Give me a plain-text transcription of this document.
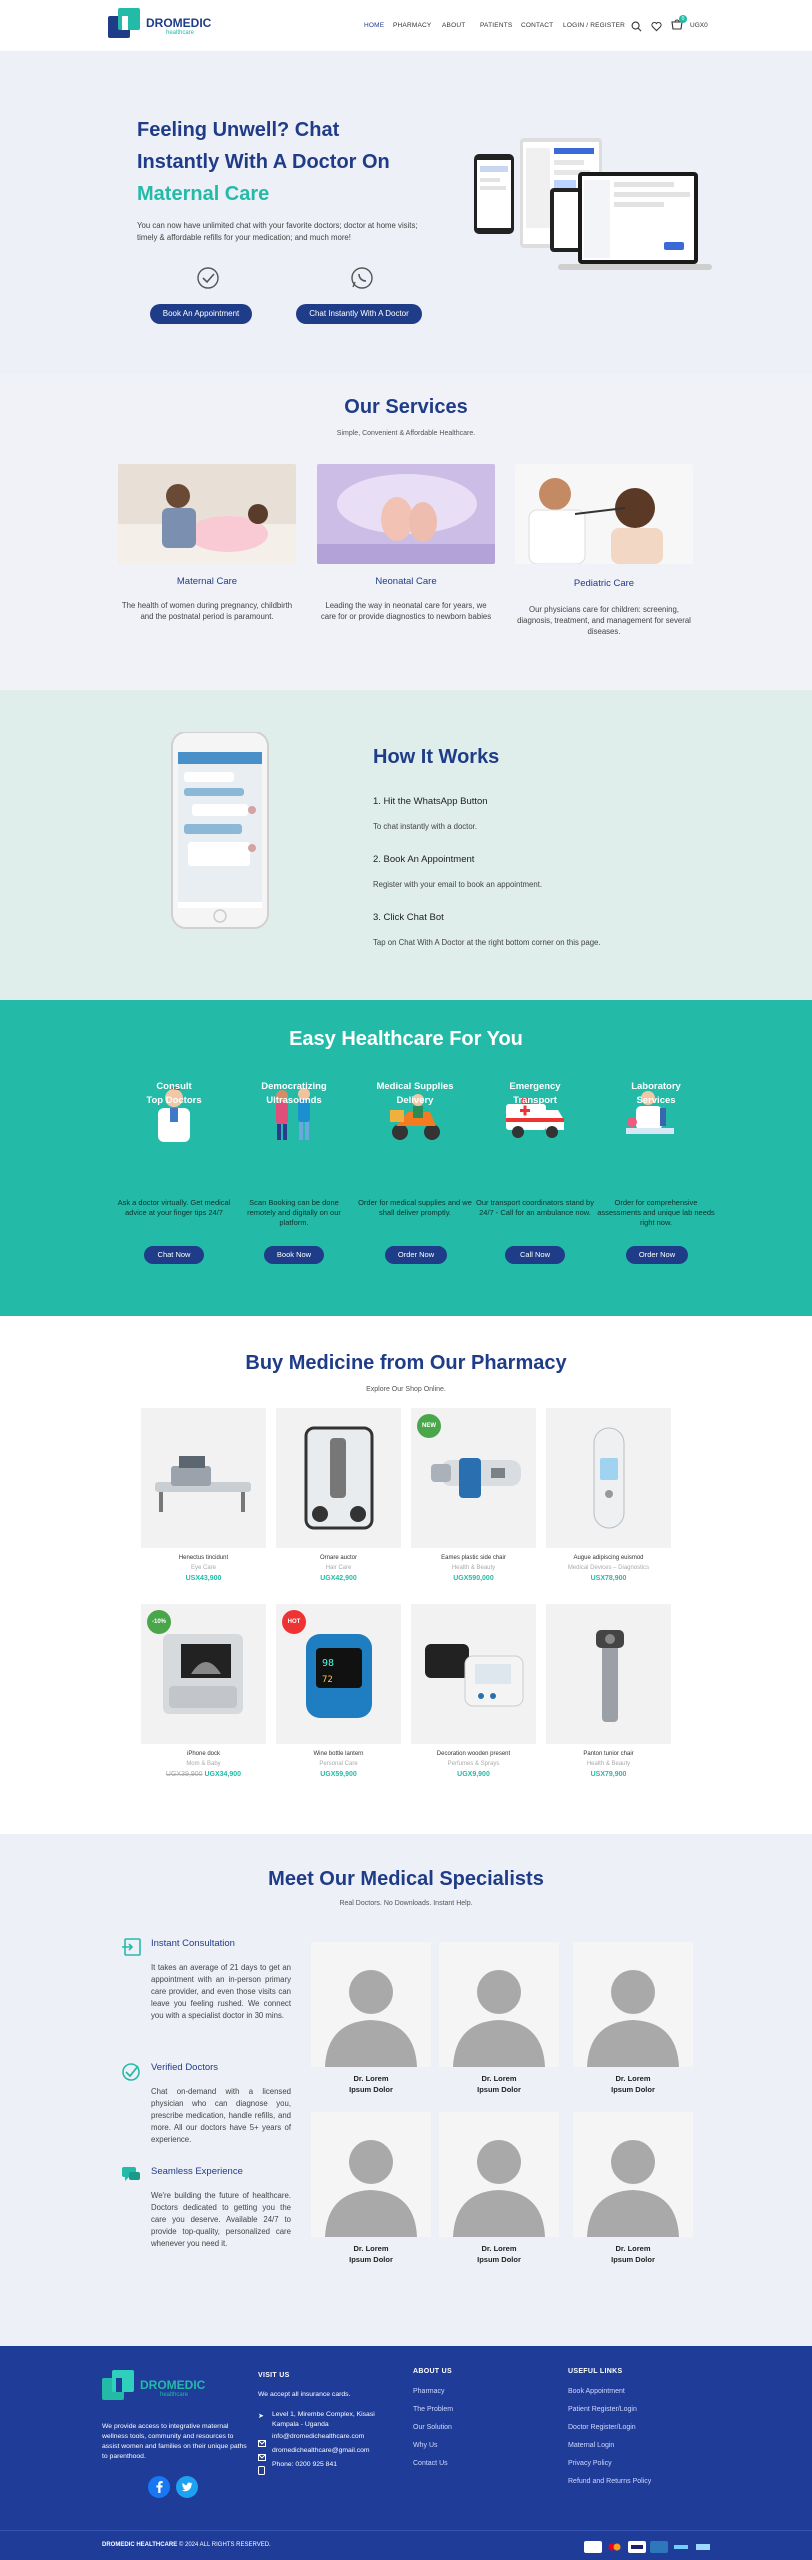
DROMEDIC
healthcare
HOME PHARMACY ABOUT PATIENTS CONTACT LOGIN / REGISTER
0
UGX0
Feeling Unwell? Chat
Instantly With A Doctor On
Maternal Care
You can now have unlimited chat with your favorite doctors; doctor at home visits; timely & affordable refills for your medication; and much more!
Book An Appointment	Chat Instantly With A Doctor
Our Services
Simple, Convenient & Affordable Healthcare.
Maternal Care	Neonatal Care	Pediatric Care
The health of women during pregnancy, childbirth and the postnatal period is paramount.
Leading the way in neonatal care for years, we care for or provide diagnostics to newborn babies
Our physicians care for children: screening, diagnosis, treatment, and management for several diseases.
How It Works
1. Hit the WhatsApp Button
To chat instantly with a doctor.
2. Book An Appointment
Register with your email to book an appointment.
3. Click Chat Bot
Tap on Chat With A Doctor at the right bottom corner on this page.
Easy Healthcare For You
Consult
Top Doctors
Democratizing
Ultrasounds
Medical Supplies
Delivery
Emergency
Transport
Laboratory
Services
Ask a doctor virtually. Get medical advice at your finger tips 24/7
Scan Booking can be done remotely and digitally on our platform.
Order for medical supplies and we shall deliver promptly.
Our transport coordinators stand by 24/7 - Call for an ambulance now.
Order for comprehensive assessments and unique lab needs right now.
Chat Now	Book Now	Order Now	Call Now	Order Now
Buy Medicine from Our Pharmacy
Explore Our Shop Online.
Henectus tincidunt
Eye Care
USX43,900
Ornare auctor
Hair Care
UGX42,900
NEW
Eames plastic side chair
Health & Beauty
UGX590,000
Augue adipiscing euismod
Medical Devices – Diagnostics
USX78,900
-10%
iPhone dock
Mom & Baby
UGX39,900 UGX34,900
98
72
HOT
Wine bottle lantern
Personal Care
UGX59,900
Decoration wooden present
Perfumes & Sprays
UGX9,900
Panton tunior chair
Health & Beauty
USX79,900
Meet Our Medical Specialists
Real Doctors. No Downloads. Instant Help.
Instant Consultation
It takes an average of 21 days to get an appointment with an in-person primary care provider, and even those visits can leave you feeling rushed. We connect you with a specialist doctor in 30 mins.
Verified Doctors
Chat on-demand with a licensed physician who can diagnose you, prescribe medication, handle refills, and more. All our doctors have 5+ years of experience.
Seamless Experience
We're building the future of healthcare. Doctors dedicated to getting you the care you deserve. Available 24/7 to provide top-quality, personalized care whenever you need it.
Dr. Lorem
Ipsum Dolor
Dr. Lorem
Ipsum Dolor
Dr. Lorem
Ipsum Dolor
Dr. Lorem
Ipsum Dolor
Dr. Lorem
Ipsum Dolor
Dr. Lorem
Ipsum Dolor
DROMEDIC
healthcare
We provide access to integrative maternal wellness tools, community and resources to assist women and families on their unique paths to parenthood.
VISIT US
We accept all insurance cards.
➤ Level 1, Mirembe Complex, Kisasi
Kampala - Uganda
info@dromedichealthcare.com
dromedichealthcare@gmail.com
Phone: 0200 925 841
ABOUT US
Pharmacy
The Problem
Our Solution
Why Us
Contact Us
USEFUL LINKS
Book Appointment
Patient Register/Login
Doctor Register/Login
Maternal Login
Privacy Policy
Refund and Returns Policy
DROMEDIC HEALTHCARE © 2024 ALL RIGHTS RESERVED.
